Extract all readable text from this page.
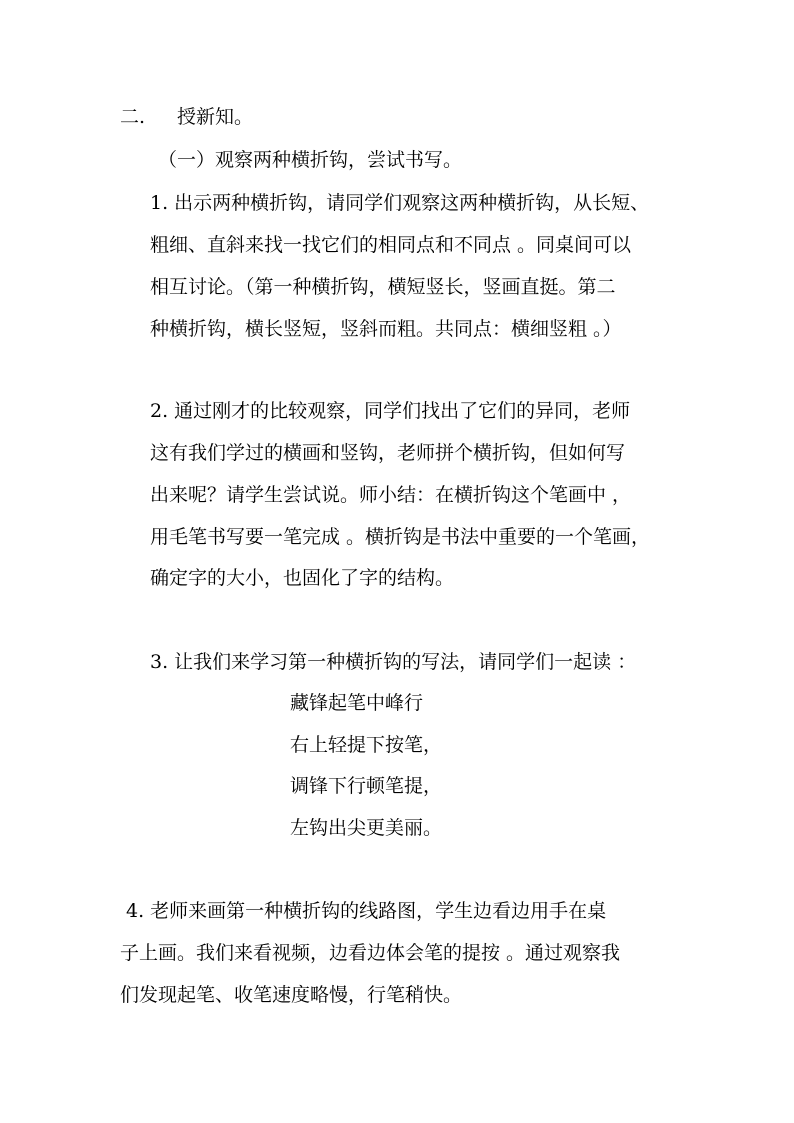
二. 授新知。
（一）观察两种横折钩，尝试书写。
1. 出示两种横折钩，请同学们观察这两种横折钩，从长短、
粗细、直斜来找一找它们的相同点和不同点 。同桌间可以
相互讨论。（第一种横折钩，横短竖长，竖画直挺。第二
种横折钩，横长竖短，竖斜而粗。共同点：横细竖粗 。）
2. 通过刚才的比较观察，同学们找出了它们的异同，老师
这有我们学过的横画和竖钩，老师拼个横折钩，但如何写
出来呢？请学生尝试说。师小结：在横折钩这个笔画中 ，
用毛笔书写要一笔完成 。横折钩是书法中重要的一个笔画，
确定字的大小，也固化了字的结构。
3. 让我们来学习第一种横折钩的写法，请同学们一起读 ：
藏锋起笔中峰行
右上轻提下按笔，
调锋下行顿笔提，
左钩出尖更美丽。
4. 老师来画第一种横折钩的线路图，学生边看边用手在桌
子上画。我们来看视频，边看边体会笔的提按 。通过观察我
们发现起笔、收笔速度略慢，行笔稍快。
